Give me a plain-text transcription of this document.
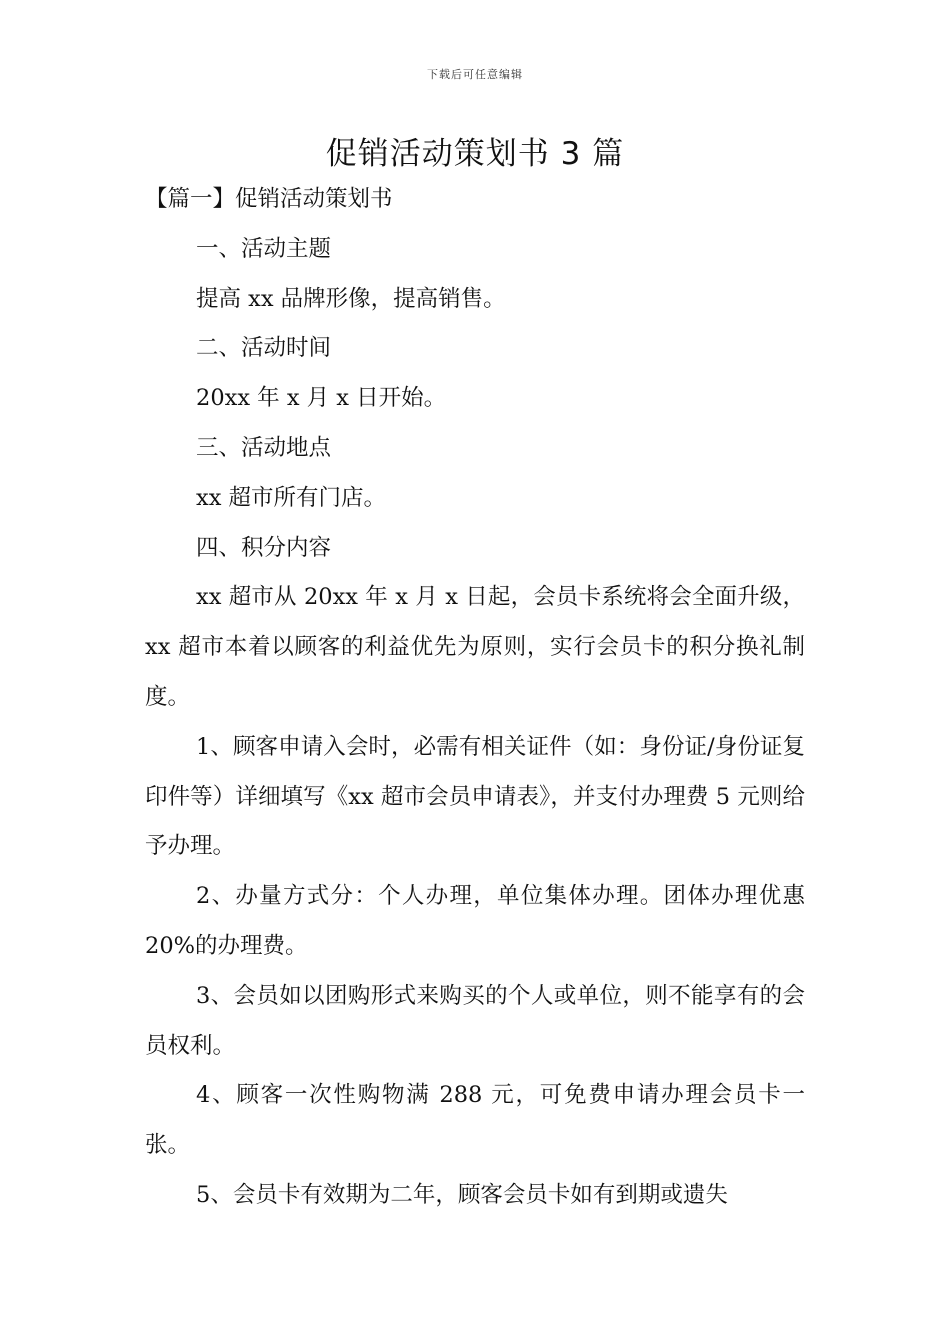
下载后可任意编辑
促销活动策划书 3 篇

【篇一】促销活动策划书

一、活动主题

提高 xx 品牌形像，提高销售。

二、活动时间

20xx 年 x 月 x 日开始。

三、活动地点

xx 超市所有门店。

四、积分内容

xx 超市从 20xx 年 x 月 x 日起，会员卡系统将会全面升级，xx 超市本着以顾客的利益优先为原则，实行会员卡的积分换礼制度。

1、顾客申请入会时，必需有相关证件（如：身份证/身份证复印件等）详细填写《xx 超市会员申请表》，并支付办理费 5 元则给予办理。

2、办量方式分：个人办理，单位集体办理。团体办理优惠 20%的办理费。

3、会员如以团购形式来购买的个人或单位，则不能享有的会员权利。

4、顾客一次性购物满 288 元，可免费申请办理会员卡一张。

5、会员卡有效期为二年，顾客会员卡如有到期或遗失
